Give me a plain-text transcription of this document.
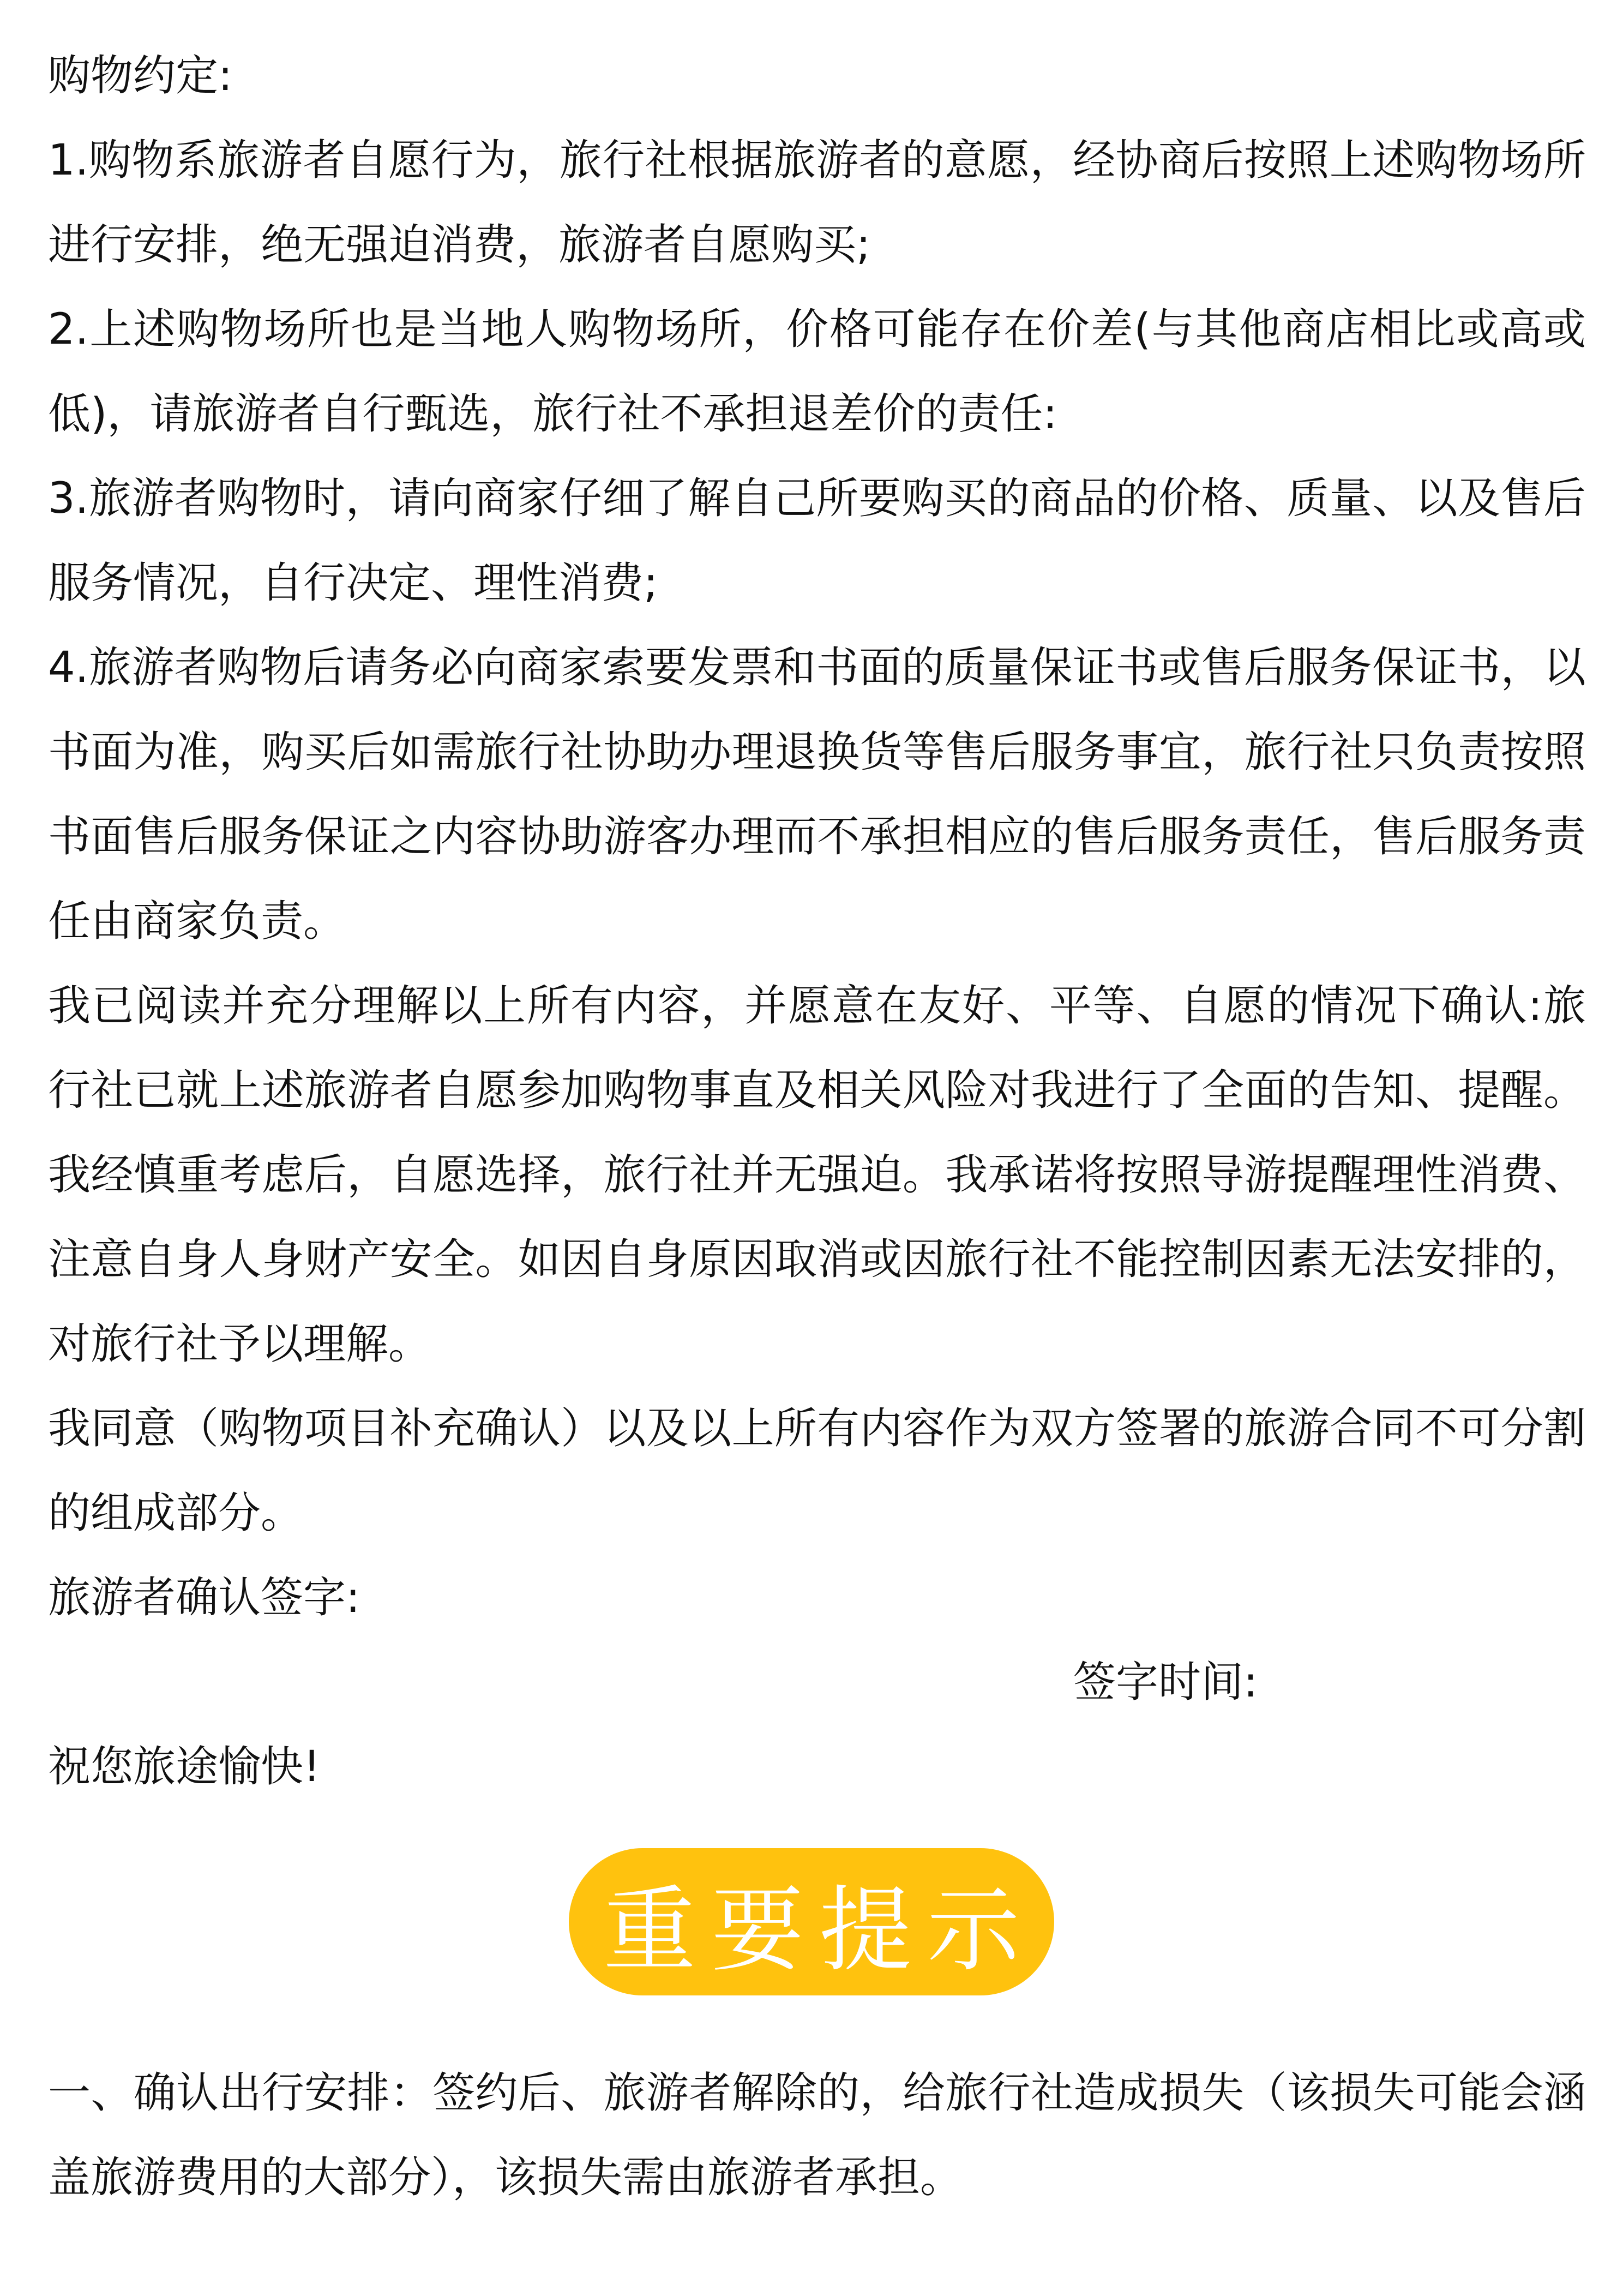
购物约定:

1.购物系旅游者自愿行为，旅行社根据旅游者的意愿，经协商后按照上述购物场所进行安排，绝无强迫消费，旅游者自愿购买;

2.上述购物场所也是当地人购物场所，价格可能存在价差(与其他商店相比或高或低)，请旅游者自行甄选，旅行社不承担退差价的责任:

3.旅游者购物时，请向商家仔细了解自己所要购买的商品的价格、质量、以及售后服务情况，自行决定、理性消费;

4.旅游者购物后请务必向商家索要发票和书面的质量保证书或售后服务保证书，以书面为准，购买后如需旅行社协助办理退换货等售后服务事宜，旅行社只负责按照书面售后服务保证之内容协助游客办理而不承担相应的售后服务责任，售后服务责任由商家负责。

我已阅读并充分理解以上所有内容，并愿意在友好、平等、自愿的情况下确认:旅行社已就上述旅游者自愿参加购物事直及相关风险对我进行了全面的告知、提醒。我经慎重考虑后，自愿选择，旅行社并无强迫。我承诺将按照导游提醒理性消费、注意自身人身财产安全。如因自身原因取消或因旅行社不能控制因素无法安排的，对旅行社予以理解。

我同意（购物项目补充确认）以及以上所有内容作为双方签署的旅游合同不可分割的组成部分。

旅游者确认签字:

签字时间:

祝您旅途愉快!

重要提示

一、确认出行安排：签约后、旅游者解除的，给旅行社造成损失（该损失可能会涵盖旅游费用的大部分），该损失需由旅游者承担。
